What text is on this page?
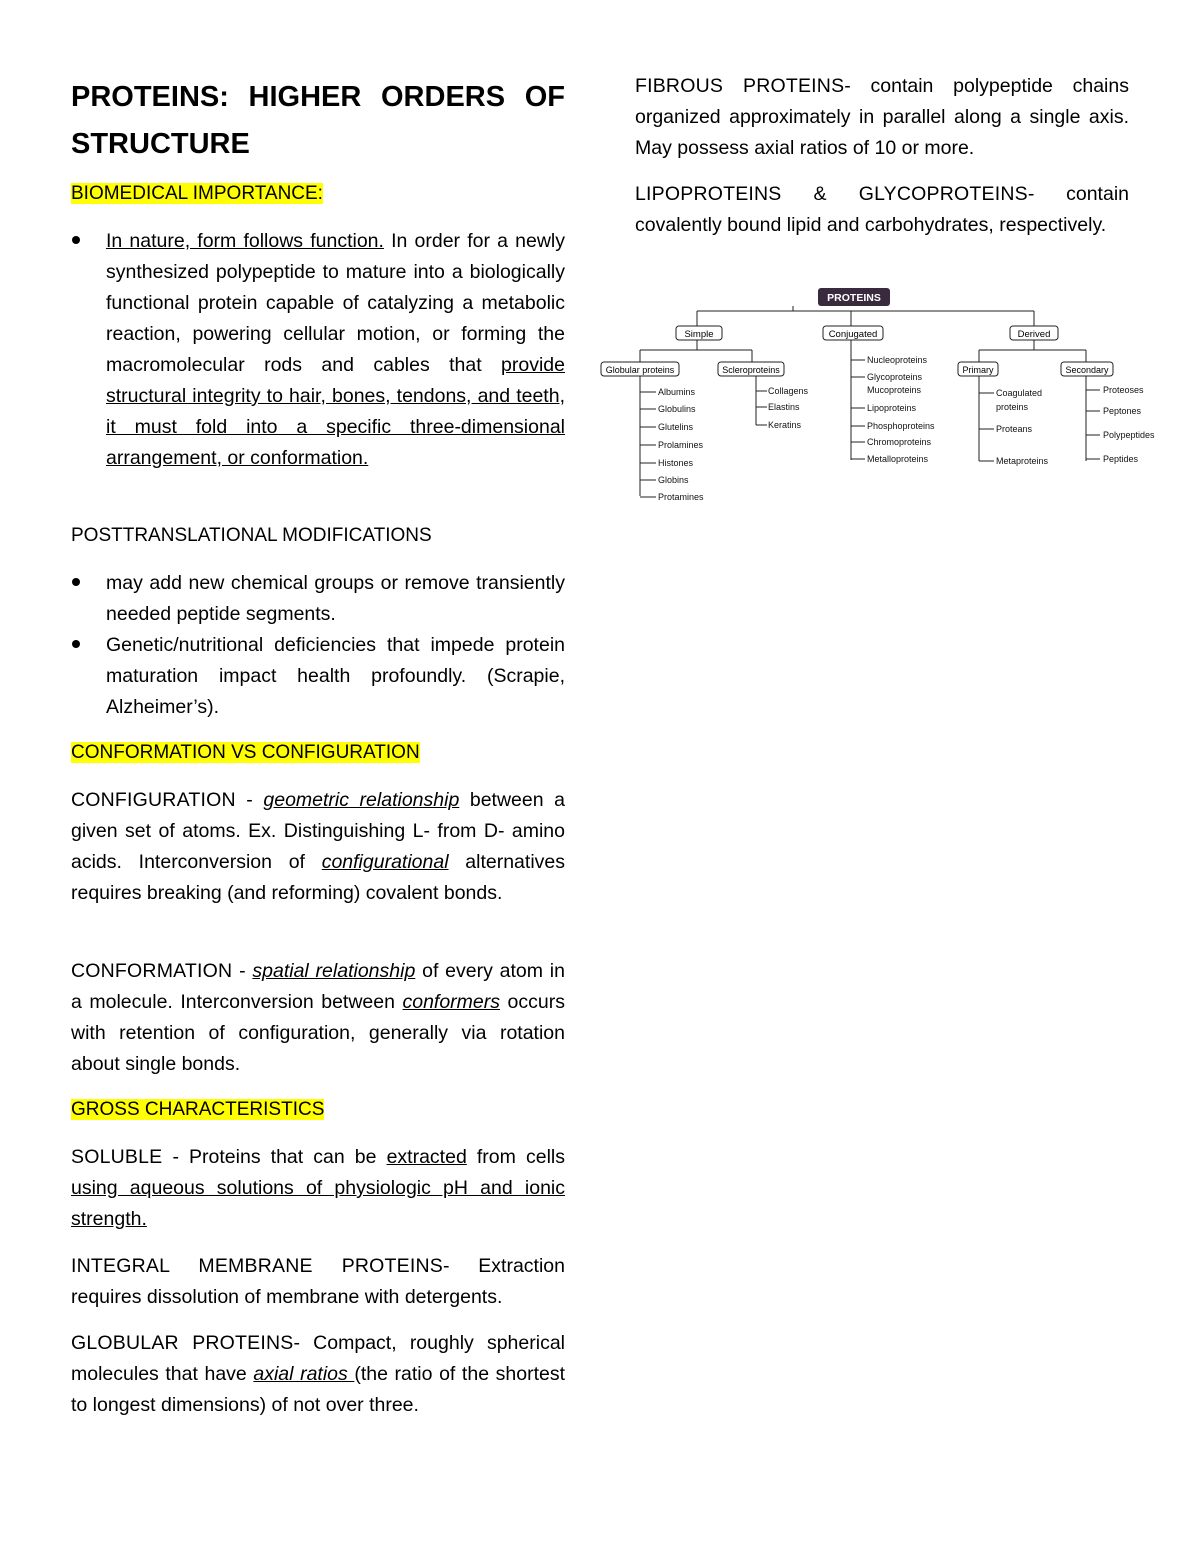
PROTEINS: HIGHER ORDERS OF
STRUCTURE
BIOMEDICAL IMPORTANCE:
In nature, form follows function. In order for a newly synthesized polypeptide to mature into a biologically functional protein capable of catalyzing a metabolic reaction, powering cellular motion, or forming the macromolecular rods and cables that provide structural integrity to hair, bones, tendons, and teeth, it must fold into a specific three-dimensional arrangement, or conformation.
POSTTRANSLATIONAL MODIFICATIONS
may add new chemical groups or remove transiently needed peptide segments.
Genetic/nutritional deficiencies that impede protein maturation impact health profoundly. (Scrapie, Alzheimer’s).
CONFORMATION VS CONFIGURATION

CONFIGURATION - geometric relationship between a given set of atoms. Ex. Distinguishing L- from D- amino acids. Interconversion of configurational alternatives requires breaking (and reforming) covalent bonds.

CONFORMATION - spatial relationship of every atom in a molecule. Interconversion between conformers occurs with retention of configuration, generally via rotation about single bonds.

GROSS CHARACTERISTICS

SOLUBLE - Proteins that can be extracted from cells using aqueous solutions of physiologic pH and ionic strength.

INTEGRAL MEMBRANE PROTEINS- Extraction requires dissolution of membrane with detergents.

GLOBULAR PROTEINS- Compact, roughly spherical molecules that have axial ratios (the ratio of the shortest to longest dimensions) of not over three.

FIBROUS PROTEINS- contain polypeptide chains organized approximately in parallel along a single axis. May possess axial ratios of 10 or more.

LIPOPROTEINS & GLYCOPROTEINS- contain covalently bound lipid and carbohydrates, respectively.

PROTEINS
Simple	Conjugated	Derived
Globular proteins	Scleroproteins	Primary	Secondary
Albumins
Globulins
Glutelins
Prolamines
Histones
Globins
Protamines
Collagens
Elastins
Keratins
Nucleoproteins
Glycoproteins
Mucoproteins
Lipoproteins
Phosphoproteins
Chromoproteins
Metalloproteins
Coagulated
proteins
Proteans
Metaproteins
Proteoses
Peptones
Polypeptides
Peptides
